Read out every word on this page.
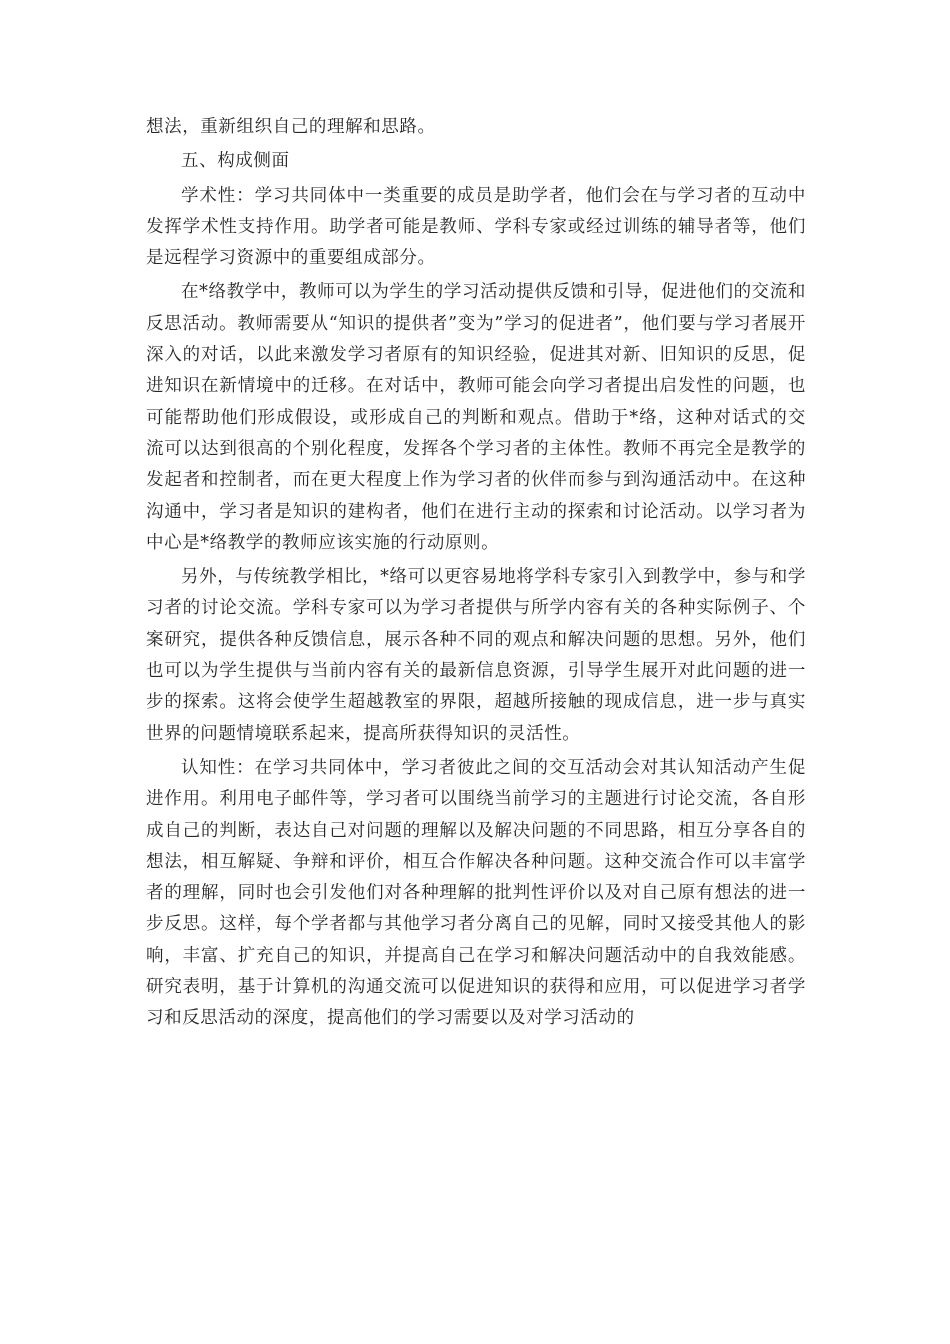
想法，重新组织自己的理解和思路。

五、构成侧面

学术性：学习共同体中一类重要的成员是助学者，他们会在与学习者的互动中发挥学术性支持作用。助学者可能是教师、学科专家或经过训练的辅导者等，他们是远程学习资源中的重要组成部分。

在*络教学中，教师可以为学生的学习活动提供反馈和引导，促进他们的交流和反思活动。教师需要从“知识的提供者”变为”学习的促进者”，他们要与学习者展开深入的对话，以此来激发学习者原有的知识经验，促进其对新、旧知识的反思，促进知识在新情境中的迁移。在对话中，教师可能会向学习者提出启发性的问题，也可能帮助他们形成假设，或形成自己的判断和观点。借助于*络，这种对话式的交流可以达到很高的个别化程度，发挥各个学习者的主体性。教师不再完全是教学的发起者和控制者，而在更大程度上作为学习者的伙伴而参与到沟通活动中。在这种沟通中，学习者是知识的建构者，他们在进行主动的探索和讨论活动。以学习者为中心是*络教学的教师应该实施的行动原则。

另外，与传统教学相比，*络可以更容易地将学科专家引入到教学中，参与和学习者的讨论交流。学科专家可以为学习者提供与所学内容有关的各种实际例子、个案研究，提供各种反馈信息，展示各种不同的观点和解决问题的思想。另外，他们也可以为学生提供与当前内容有关的最新信息资源，引导学生展开对此问题的进一步的探索。这将会使学生超越教室的界限，超越所接触的现成信息，进一步与真实世界的问题情境联系起来，提高所获得知识的灵活性。

认知性：在学习共同体中，学习者彼此之间的交互活动会对其认知活动产生促进作用。利用电子邮件等，学习者可以围绕当前学习的主题进行讨论交流，各自形成自己的判断，表达自己对问题的理解以及解决问题的不同思路，相互分享各自的想法，相互解疑、争辩和评价，相互合作解决各种问题。这种交流合作可以丰富学者的理解，同时也会引发他们对各种理解的批判性评价以及对自己原有想法的进一步反思。这样，每个学者都与其他学习者分离自己的见解，同时又接受其他人的影响，丰富、扩充自己的知识，并提高自己在学习和解决问题活动中的自我效能感。研究表明，基于计算机的沟通交流可以促进知识的获得和应用，可以促进学习者学习和反思活动的深度，提高他们的学习需要以及对学习活动的
